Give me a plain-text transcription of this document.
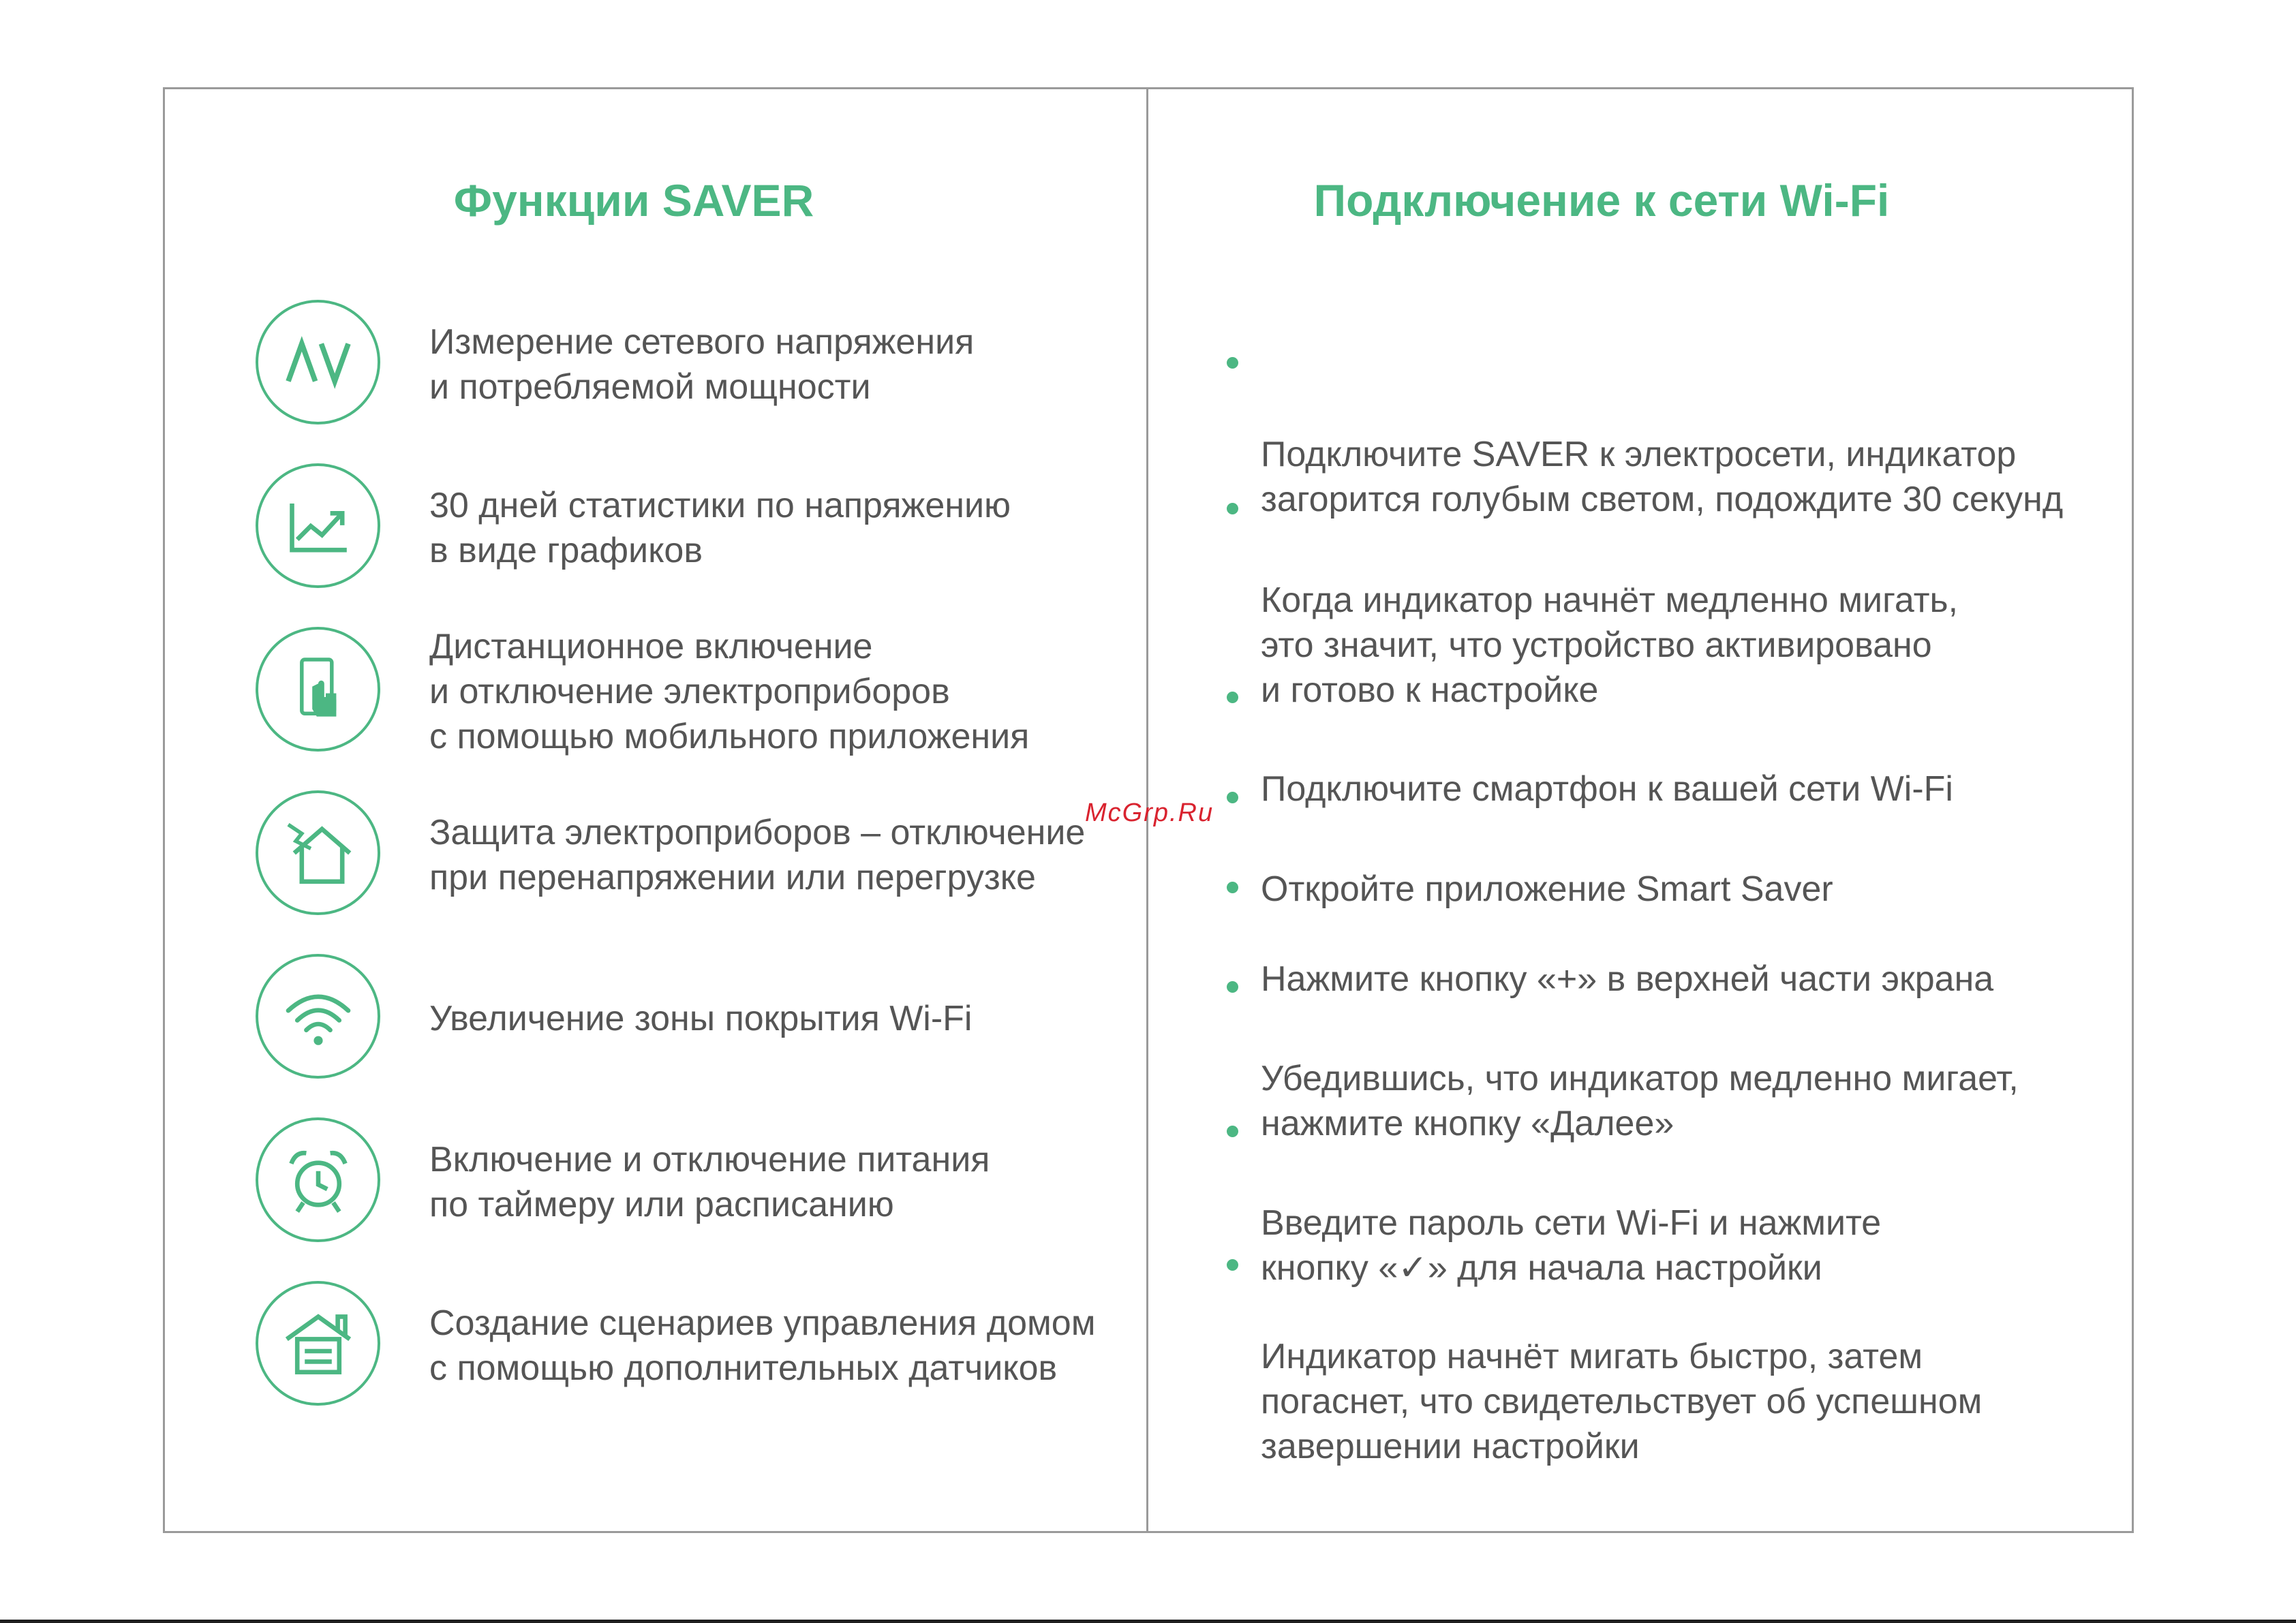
Функции SAVER	Подключение к сети Wi-Fi
Измерение сетевого напряжения
и потребляемой мощности
30 дней статистики по напряжению
в виде графиков
Дистанционное включение
и отключение электроприборов
с помощью мобильного приложения
Защита электроприборов – отключение
при перенапряжении или перегрузке
Увеличение зоны покрытия Wi-Fi
Включение и отключение питания
по таймеру или расписанию
Создание сценариев управления домом
с помощью дополнительных датчиков

Подключите SAVER к электросети, индикатор
загорится голубым светом, подождите 30 секунд

Когда индикатор начнёт медленно мигать,
это значит, что устройство активировано
и готово к настройке

Подключите смартфон к вашей сети Wi-Fi

Откройте приложение Smart Saver

Нажмите кнопку «+» в верхней части экрана

Убедившись, что индикатор медленно мигает,
нажмите кнопку «Далее»

Введите пароль сети Wi-Fi и нажмите
кнопку «✓» для начала настройки

Индикатор начнёт мигать быстро, затем
погаснет, что свидетельствует об успешном
завершении настройки

McGrp.Ru
